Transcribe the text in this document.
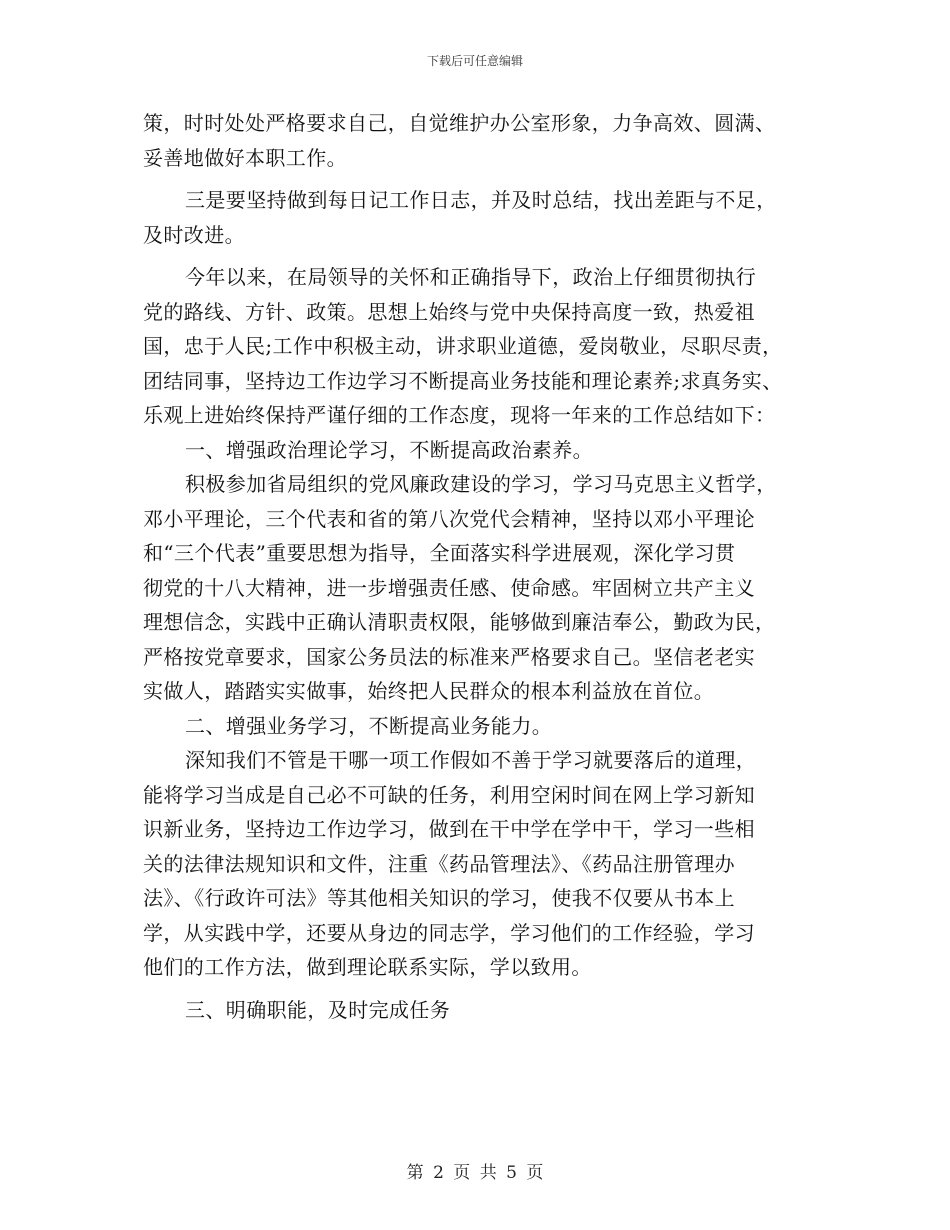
下载后可任意编辑
策，时时处处严格要求自己，自觉维护办公室形象，力争高效、圆满、
妥善地做好本职工作。
三是要坚持做到每日记工作日志，并及时总结，找出差距与不足，
及时改进。
今年以来，在局领导的关怀和正确指导下，政治上仔细贯彻执行
党的路线、方针、政策。思想上始终与党中央保持高度一致，热爱祖
国，忠于人民;工作中积极主动，讲求职业道德，爱岗敬业，尽职尽责，
团结同事，坚持边工作边学习不断提高业务技能和理论素养;求真务实、
乐观上进始终保持严谨仔细的工作态度，现将一年来的工作总结如下：
一、增强政治理论学习，不断提高政治素养。
积极参加省局组织的党风廉政建设的学习，学习马克思主义哲学，
邓小平理论，三个代表和省的第八次党代会精神，坚持以邓小平理论
和“三个代表”重要思想为指导，全面落实科学进展观，深化学习贯
彻党的十八大精神，进一步增强责任感、使命感。牢固树立共产主义
理想信念，实践中正确认清职责权限，能够做到廉洁奉公，勤政为民，
严格按党章要求，国家公务员法的标准来严格要求自己。坚信老老实
实做人，踏踏实实做事，始终把人民群众的根本利益放在首位。
二、增强业务学习，不断提高业务能力。
深知我们不管是干哪一项工作假如不善于学习就要落后的道理，
能将学习当成是自己必不可缺的任务，利用空闲时间在网上学习新知
识新业务，坚持边工作边学习，做到在干中学在学中干，学习一些相
关的法律法规知识和文件，注重《药品管理法》、《药品注册管理办
法》、《行政许可法》等其他相关知识的学习，使我不仅要从书本上
学，从实践中学，还要从身边的同志学，学习他们的工作经验，学习
他们的工作方法，做到理论联系实际，学以致用。
三、明确职能，及时完成任务
第 2 页 共 5 页
